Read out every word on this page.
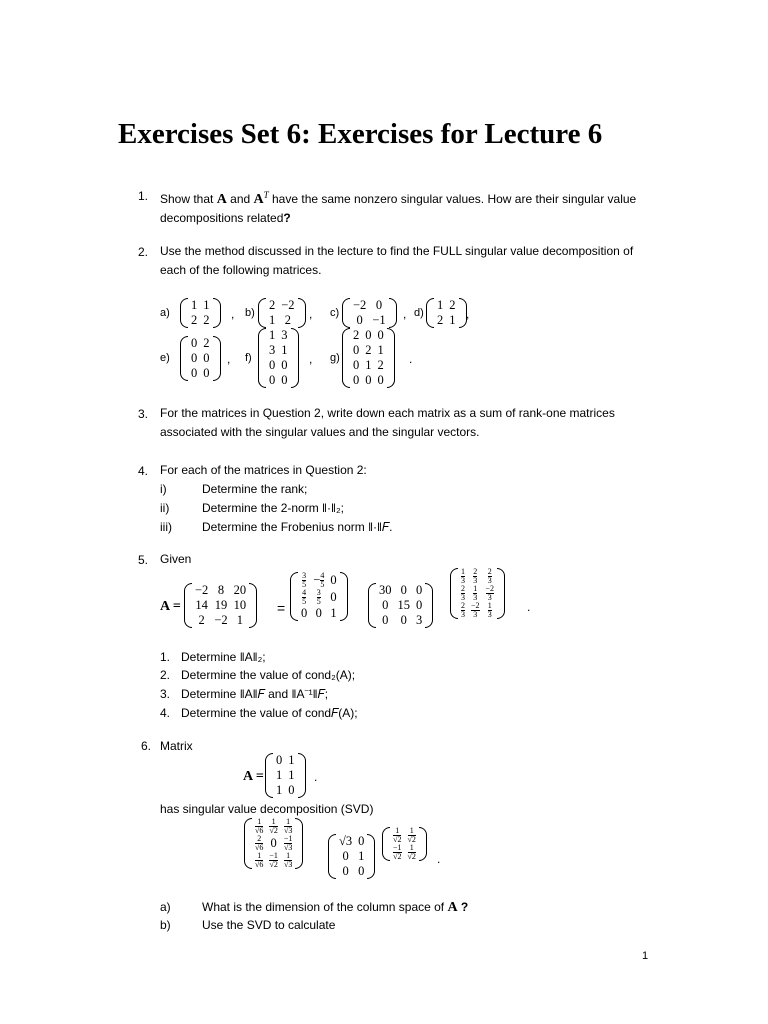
Exercises Set 6: Exercises for Lecture 6
1. Show that A and $A^T$ have the same nonzero singular values. How are their singular value
decompositions related?
2. Use the method discussed in the lecture to find the FULL singular value decomposition of
each of the following matrices.
a)
1	1
2	2 , b)
2	−2
1	2 , c)
−2	0
0	−1 , d)
1	2
2	1 ,
e)
0	2
0	0
0	0
, f)
1	3
3	1
0	0
0	0
, g)
2	0	0
0	2	1
0	1	2
0	0	0
.
3. For the matrices in Question 2, write down each matrix as a sum of rank-one matrices
associated with the singular values and the singular vectors.
4. For each of the matrices in Question 2:
i)	Determine the rank;
ii)	Determine the 2-norm ‖·‖₂;
iii)	Determine the Frobenius norm ‖·‖𝐹.
5. Given
A =
−2	8	20
14	19	10
2	−2	1
=
$\frac{3}{5}$	− $\frac{4}{5}$	0

$\frac{4}{5}$	$\frac{3}{5}$	0
0	0	1
30	0	0
0	15	0
0	0	3
$\frac{1}{3}$	$\frac{2}{3}$	$\frac{2}{3}$

$\frac{2}{3}$	$\frac{1}{3}$	$\frac{-2}{3}$

$\frac{2}{3}$	$\frac{-2}{3}$	$\frac{1}{3}$	.
1. Determine ‖A‖₂;
2. Determine the value of cond₂(A);
3. Determine ‖A‖𝐹 and ‖A⁻¹‖𝐹;
4. Determine the value of cond𝐹(A);
6. Matrix
A =
0	1
1	1
1	0
.
has singular value decomposition (SVD)
$\frac{1}{√6}$	$\frac{1}{√2}$	$\frac{1}{√3}$

$\frac{2}{√6}$	0	$\frac{-1}{√3}$

$\frac{1}{√6}$	$\frac{-1}{√2}$	$\frac{1}{√3}$
√3	0
0	1
0	0
$\frac{1}{√2}$	$\frac{1}{√2}$

$\frac{-1}{√2}$	$\frac{1}{√2}$ .
a)	What is the dimension of the column space of A ?
b)	Use the SVD to calculate
1
